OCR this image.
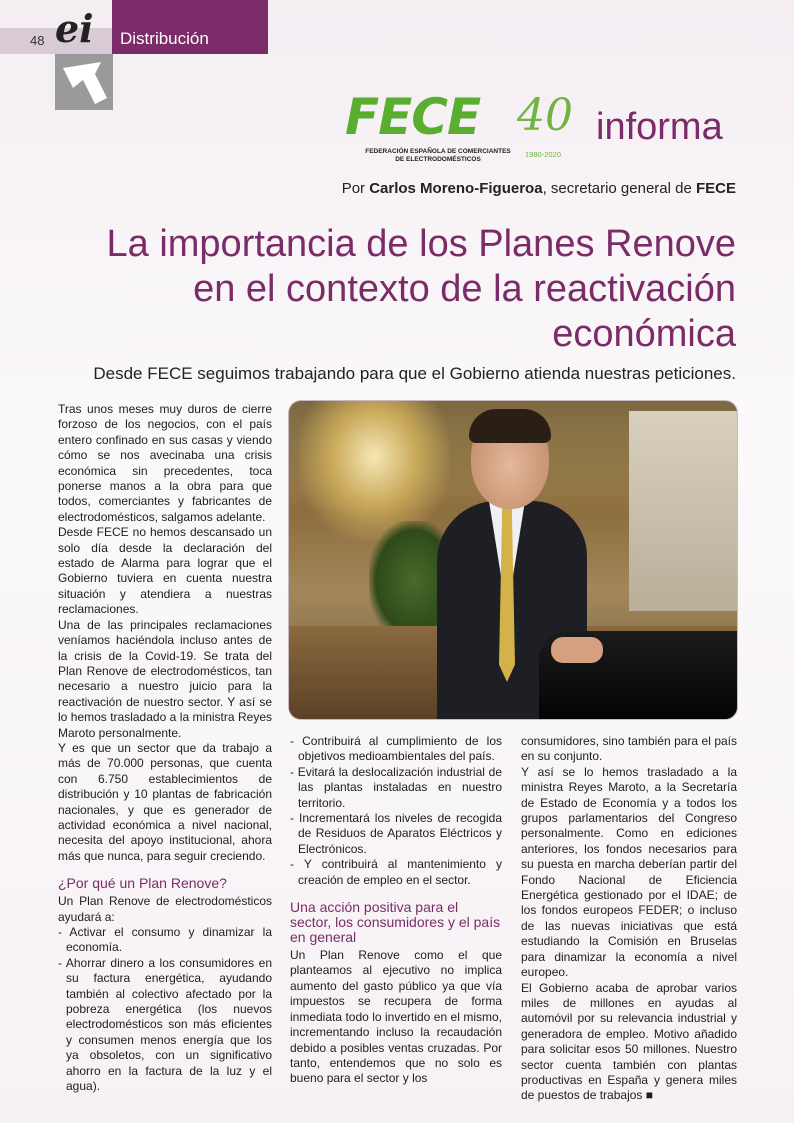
48 ei	Distribución
FECE
FEDERACIÓN ESPAÑOLA DE COMERCIANTES DE ELECTRODOMÉSTICOS
40
1980-2020
informa
Por Carlos Moreno-Figueroa, secretario general de FECE
La importancia de los Planes Renove
en el contexto de la reactivación
económica
Desde FECE seguimos trabajando para que el Gobierno atienda nuestras peticiones.

Tras unos meses muy duros de cierre forzoso de los negocios, con el país entero confinado en sus casas y viendo cómo se nos avecinaba una crisis económica sin precedentes, toca ponerse manos a la obra para que todos, comerciantes y fabricantes de electrodomésticos, salgamos adelante.

Desde FECE no hemos descansado un solo día desde la declaración del estado de Alarma para lograr que el Gobierno tuviera en cuenta nuestra situación y atendiera a nuestras reclamaciones.

Una de las principales reclamaciones veníamos haciéndola incluso antes de la crisis de la Covid-19. Se trata del Plan Renove de electrodomésticos, tan necesario a nuestro juicio para la reactivación de nuestro sector. Y así se lo hemos trasladado a la ministra Reyes Maroto personalmente.

Y es que un sector que da trabajo a más de 70.000 personas, que cuenta con 6.750 establecimientos de distribución y 10 plantas de fabricación nacionales, y que es generador de actividad económica a nivel nacional, necesita del apoyo institucional, ahora más que nunca, para seguir creciendo.

¿Por qué un Plan Renove?

Un Plan Renove de electrodomésticos ayudará a:

- Activar el consumo y dinamizar la economía.

- Ahorrar dinero a los consumidores en su factura energética, ayudando también al colectivo afectado por la pobreza energética (los nuevos electrodomésticos son más eficientes y consumen menos energía que los ya obsoletos, con un significativo ahorro en la factura de la luz y el agua).

- Contribuirá al cumplimiento de los objetivos medioambientales del país.

- Evitará la deslocalización industrial de las plantas instaladas en nuestro territorio.

- Incrementará los niveles de recogida de Residuos de Aparatos Eléctricos y Electrónicos.

- Y contribuirá al mantenimiento y creación de empleo en el sector.

Una acción positiva para el sector, los consumidores y el país en general

Un Plan Renove como el que planteamos al ejecutivo no implica aumento del gasto público ya que vía impuestos se recupera de forma inmediata todo lo invertido en el mismo, incrementando incluso la recaudación debido a posibles ventas cruzadas. Por tanto, entendemos que no solo es bueno para el sector y los

consumidores, sino también para el país en su conjunto.

Y así se lo hemos trasladado a la ministra Reyes Maroto, a la Secretaría de Estado de Economía y a todos los grupos parlamentarios del Congreso personalmente. Como en ediciones anteriores, los fondos necesarios para su puesta en marcha deberían partir del Fondo Nacional de Eficiencia Energética gestionado por el IDAE; de los fondos europeos FEDER; o incluso de las nuevas iniciativas que está estudiando la Comisión en Bruselas para dinamizar la economía a nivel europeo.

El Gobierno acaba de aprobar varios miles de millones en ayudas al automóvil por su relevancia industrial y generadora de empleo. Motivo añadido para solicitar esos 50 millones. Nuestro sector cuenta también con plantas productivas en España y genera miles de puestos de trabajos ■
